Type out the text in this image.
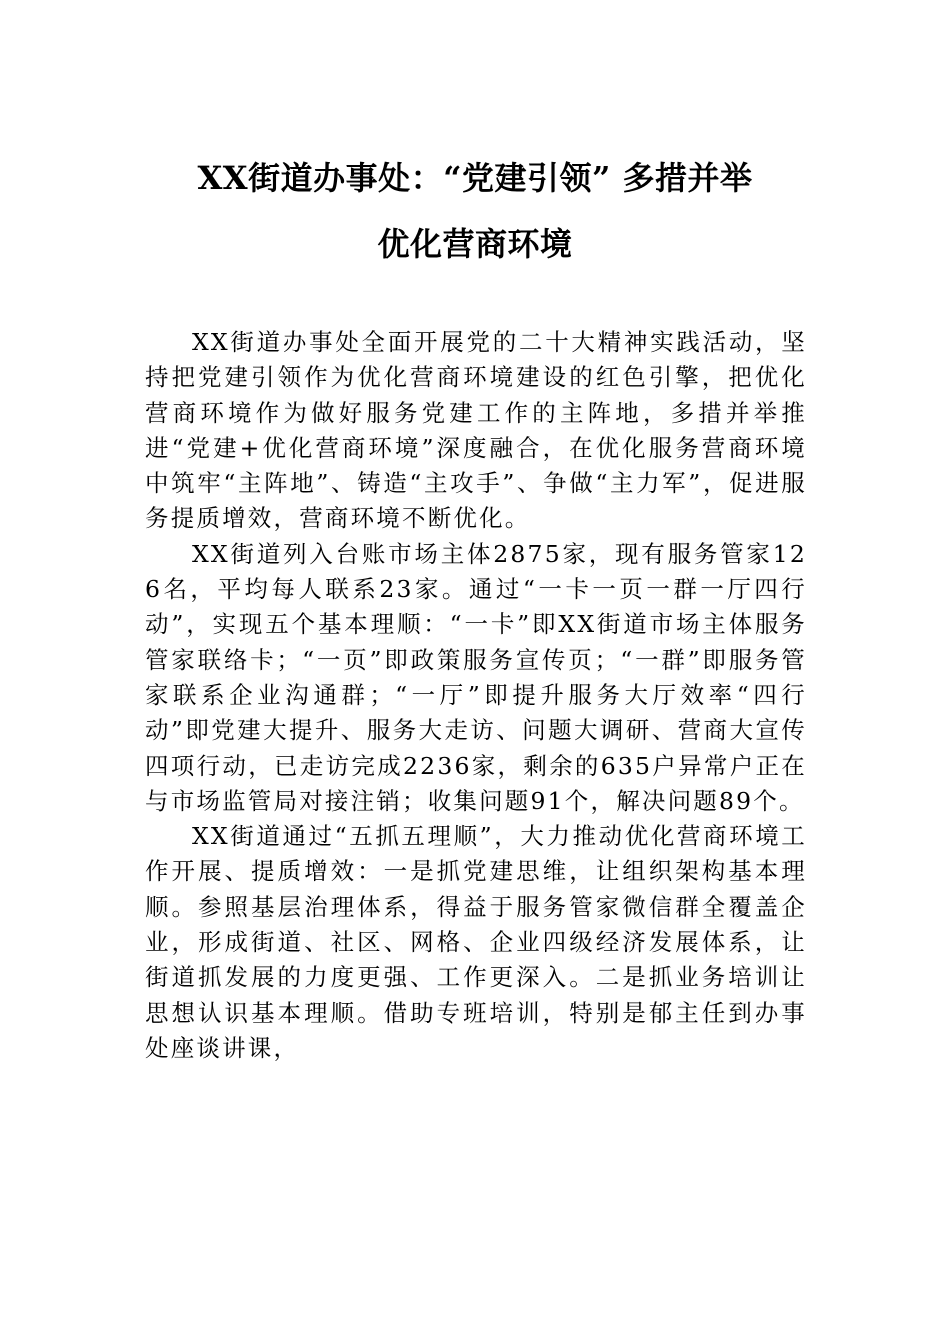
XX街道办事处：“党建引领” 多措并举
优化营商环境

XX街道办事处全面开展党的二十大精神实践活动，坚持把党建引领作为优化营商环境建设的红色引擎，把优化营商环境作为做好服务党建工作的主阵地，多措并举推进“党建+优化营商环境”深度融合，在优化服务营商环境中筑牢“主阵地”、铸造“主攻手”、争做“主力军”，促进服务提质增效，营商环境不断优化。

XX街道列入台账市场主体2875家，现有服务管家126名，平均每人联系23家。通过“一卡一页一群一厅四行动”，实现五个基本理顺：“一卡”即XX街道市场主体服务管家联络卡；“一页”即政策服务宣传页；“一群”即服务管家联系企业沟通群；“一厅”即提升服务大厅效率“四行动”即党建大提升、服务大走访、问题大调研、营商大宣传四项行动，已走访完成2236家，剩余的635户异常户正在与市场监管局对接注销；收集问题91个，解决问题89个。

XX街道通过“五抓五理顺”，大力推动优化营商环境工作开展、提质增效：一是抓党建思维，让组织架构基本理顺。参照基层治理体系，得益于服务管家微信群全覆盖企业，形成街道、社区、网格、企业四级经济发展体系，让街道抓发展的力度更强、工作更深入。二是抓业务培训让思想认识基本理顺。借助专班培训，特别是郁主任到办事处座谈讲课，
